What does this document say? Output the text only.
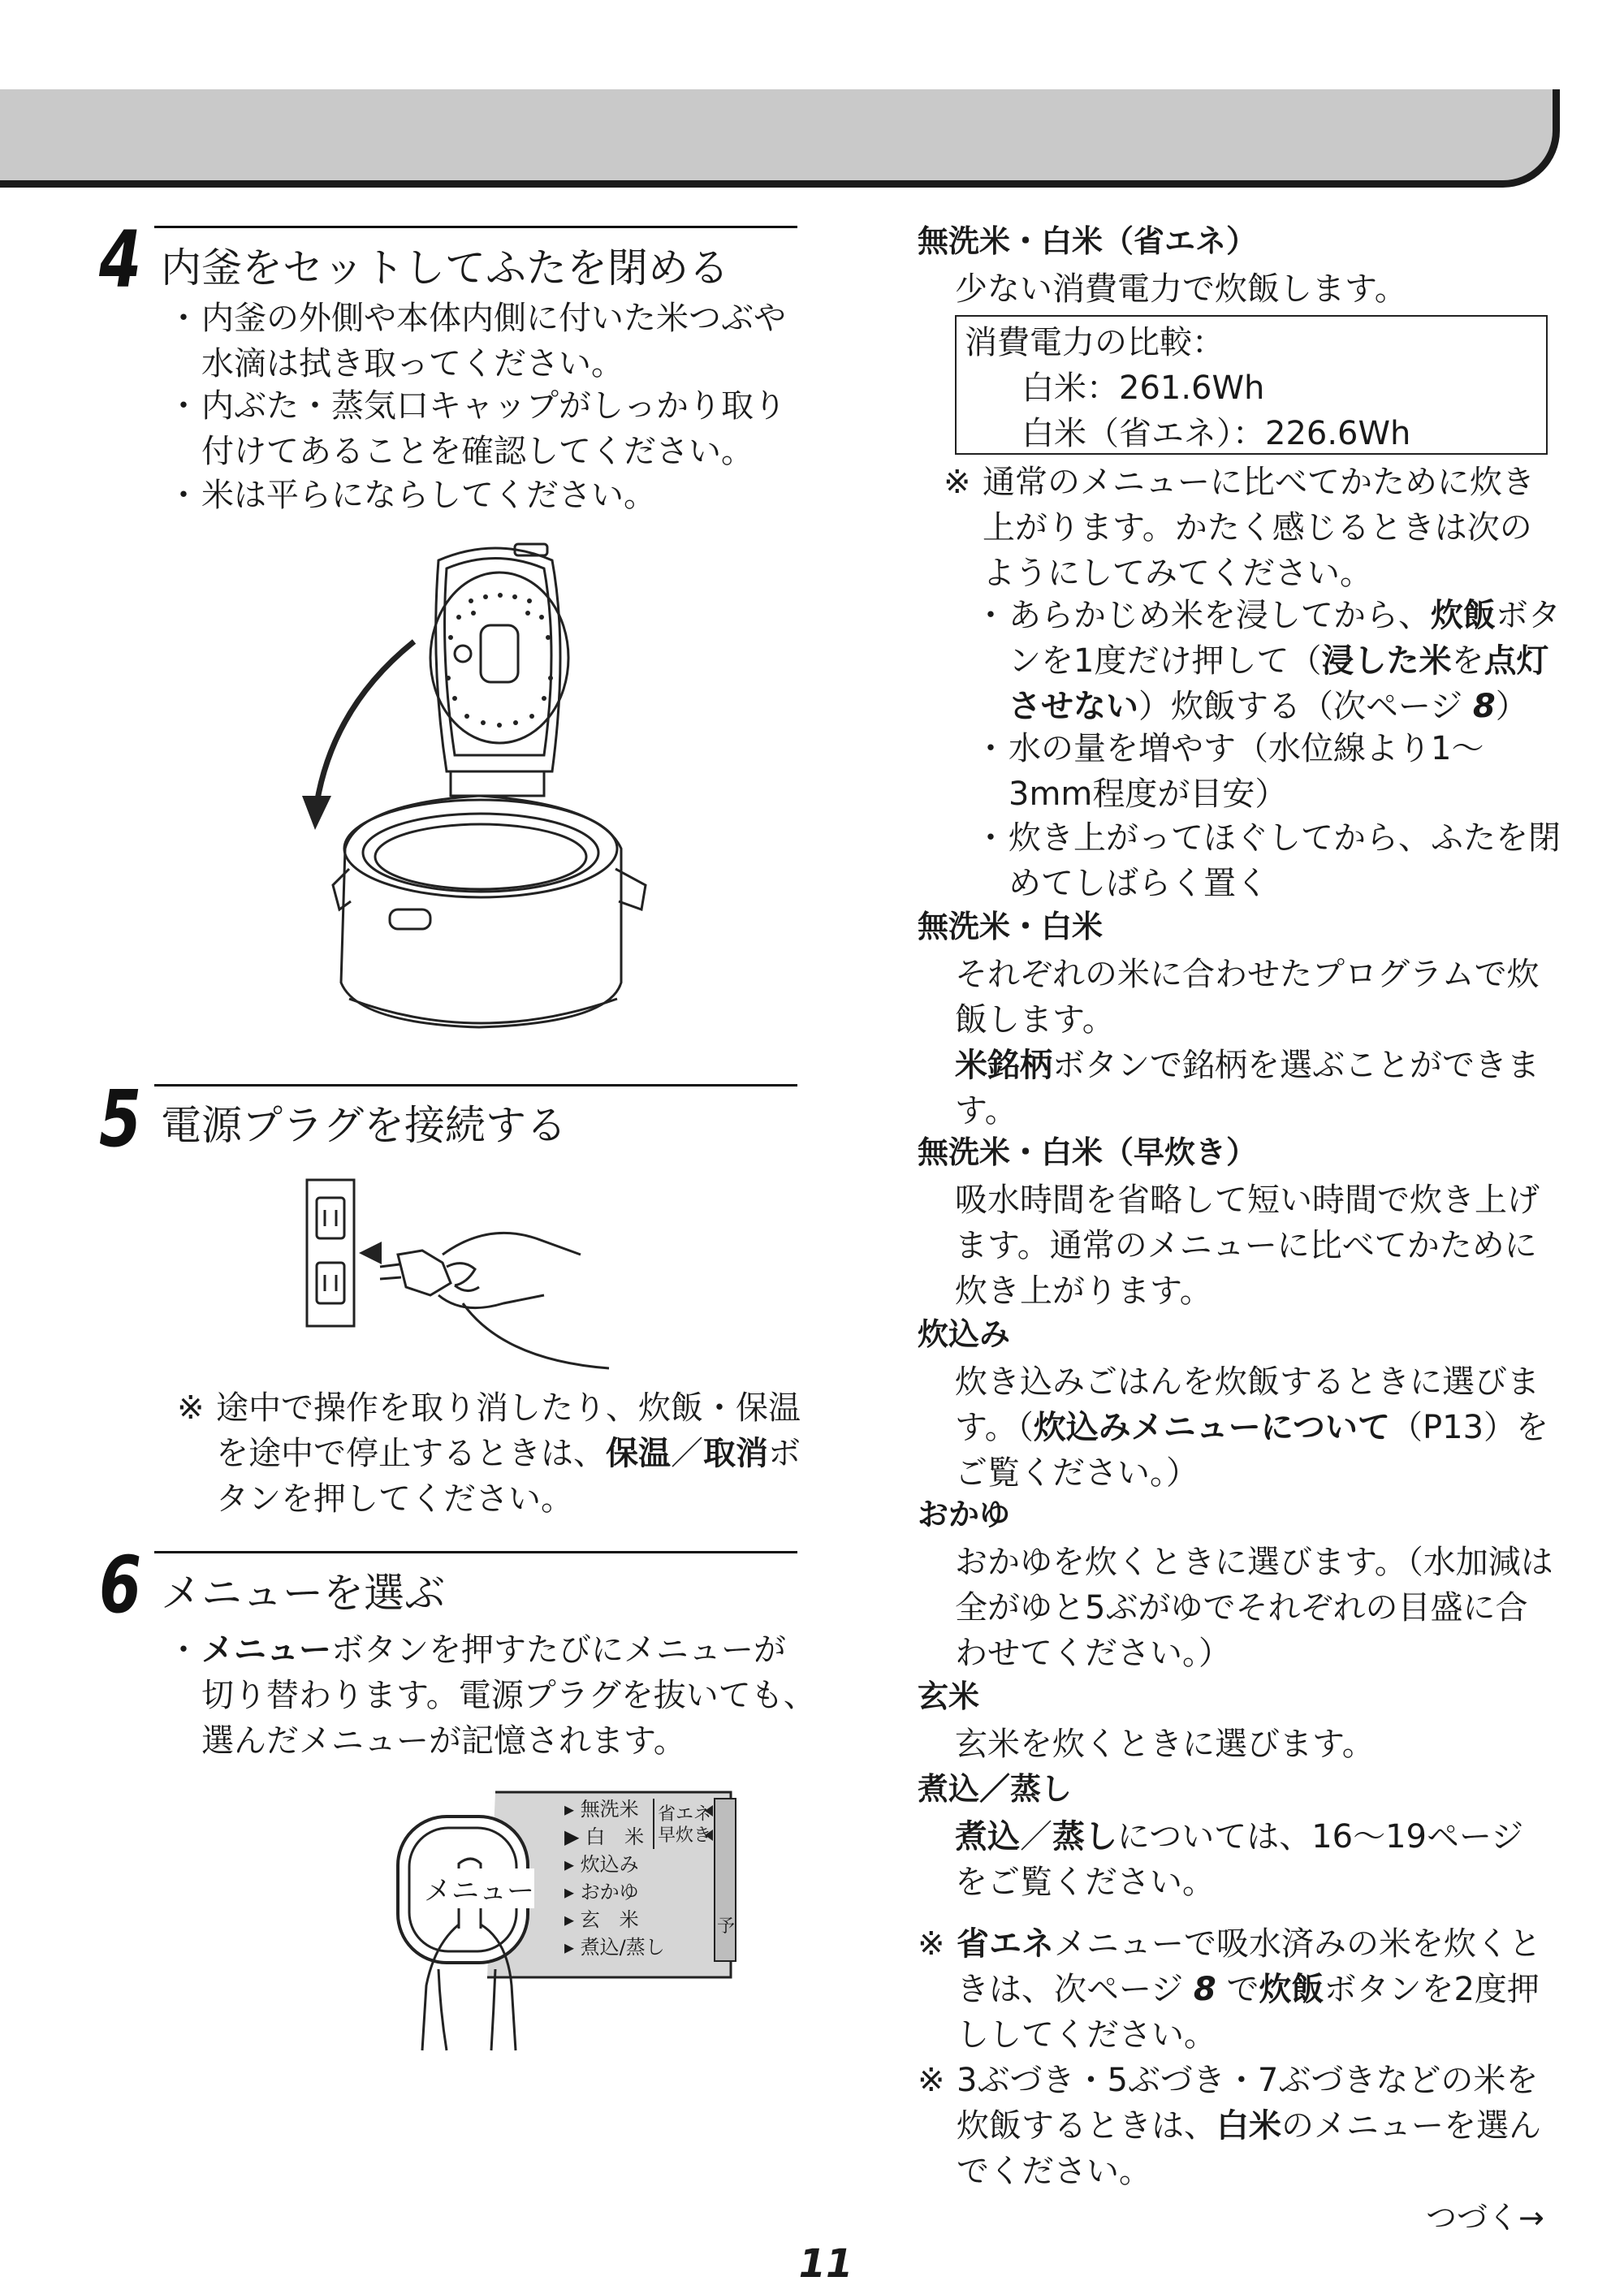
4 内釜をセットしてふたを閉める
・ 内釜の外側や本体内側に付いた米つぶや
水滴は拭き取ってください。
・ 内ぶた・蒸気口キャップがしっかり取り
付けてあることを確認してください。
・ 米は平らにならしてください。
5 電源プラグを接続する
※ 途中で操作を取り消したり、炊飯・保温
を途中で停止するときは、保温／取消ボ
タンを押してください。
6 メニューを選ぶ
・ メニューボタンを押すたびにメニューが
切り替わります。電源プラグを抜いても、
選んだメニューが記憶されます。
メニュー
▸ 無洗米
▶ 白　米
▸ 炊込み
▸ おかゆ
▸ 玄　米
▸ 煮込/蒸し
省エネ
早炊き
予
無洗米・白米（省エネ）
少ない消費電力で炊飯します。
消費電力の比較：
白米：261.6Wh
白米（省エネ）：226.6Wh
※ 通常のメニューに比べてかために炊き
上がります。かたく感じるときは次の
ようにしてみてください。
・ あらかじめ米を浸してから、炊飯ボタ
ンを1度だけ押して（浸した米を点灯
させない）炊飯する（次ページ 8）
・ 水の量を増やす（水位線より1～
3mm程度が目安）
・ 炊き上がってほぐしてから、ふたを閉
めてしばらく置く
無洗米・白米
それぞれの米に合わせたプログラムで炊
飯します。
米銘柄ボタンで銘柄を選ぶことができま
す。
無洗米・白米（早炊き）
吸水時間を省略して短い時間で炊き上げ
ます。通常のメニューに比べてかために
炊き上がります。
炊込み
炊き込みごはんを炊飯するときに選びま
す。（炊込みメニューについて（P13）を
ご覧ください。）
おかゆ
おかゆを炊くときに選びます。（水加減は
全がゆと5ぶがゆでそれぞれの目盛に合
わせてください。）
玄米
玄米を炊くときに選びます。
煮込／蒸し
煮込／蒸しについては、16～19ページ
をご覧ください。
※ 省エネメニューで吸水済みの米を炊くと
きは、次ページ 8 で炊飯ボタンを2度押
ししてください。
※ 3ぶづき・5ぶづき・7ぶづきなどの米を
炊飯するときは、白米のメニューを選ん
でください。
つづく→
11
